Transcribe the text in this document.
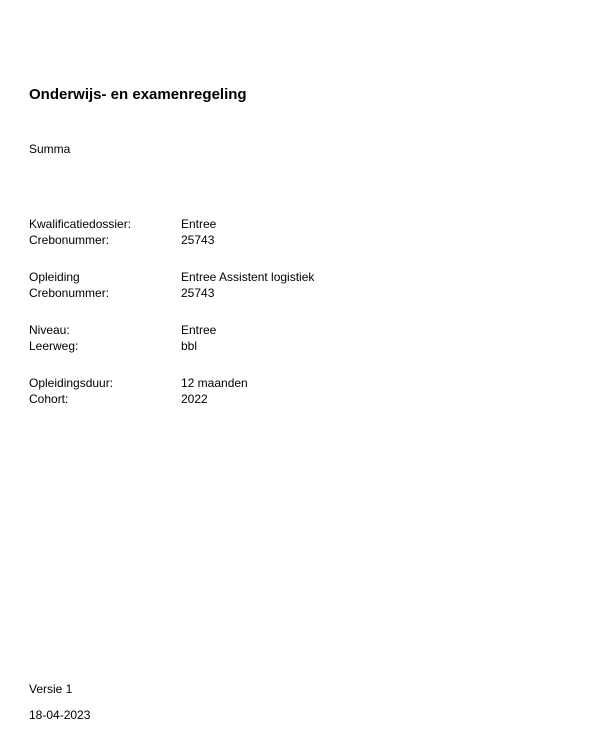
Onderwijs- en examenregeling
Summa
Kwalificatiedossier:	Entree
Crebonummer:	25743
Opleiding	Entree Assistent logistiek
Crebonummer:	25743
Niveau:	Entree
Leerweg:	bbl
Opleidingsduur:	12 maanden
Cohort:	2022
Versie 1
18-04-2023
